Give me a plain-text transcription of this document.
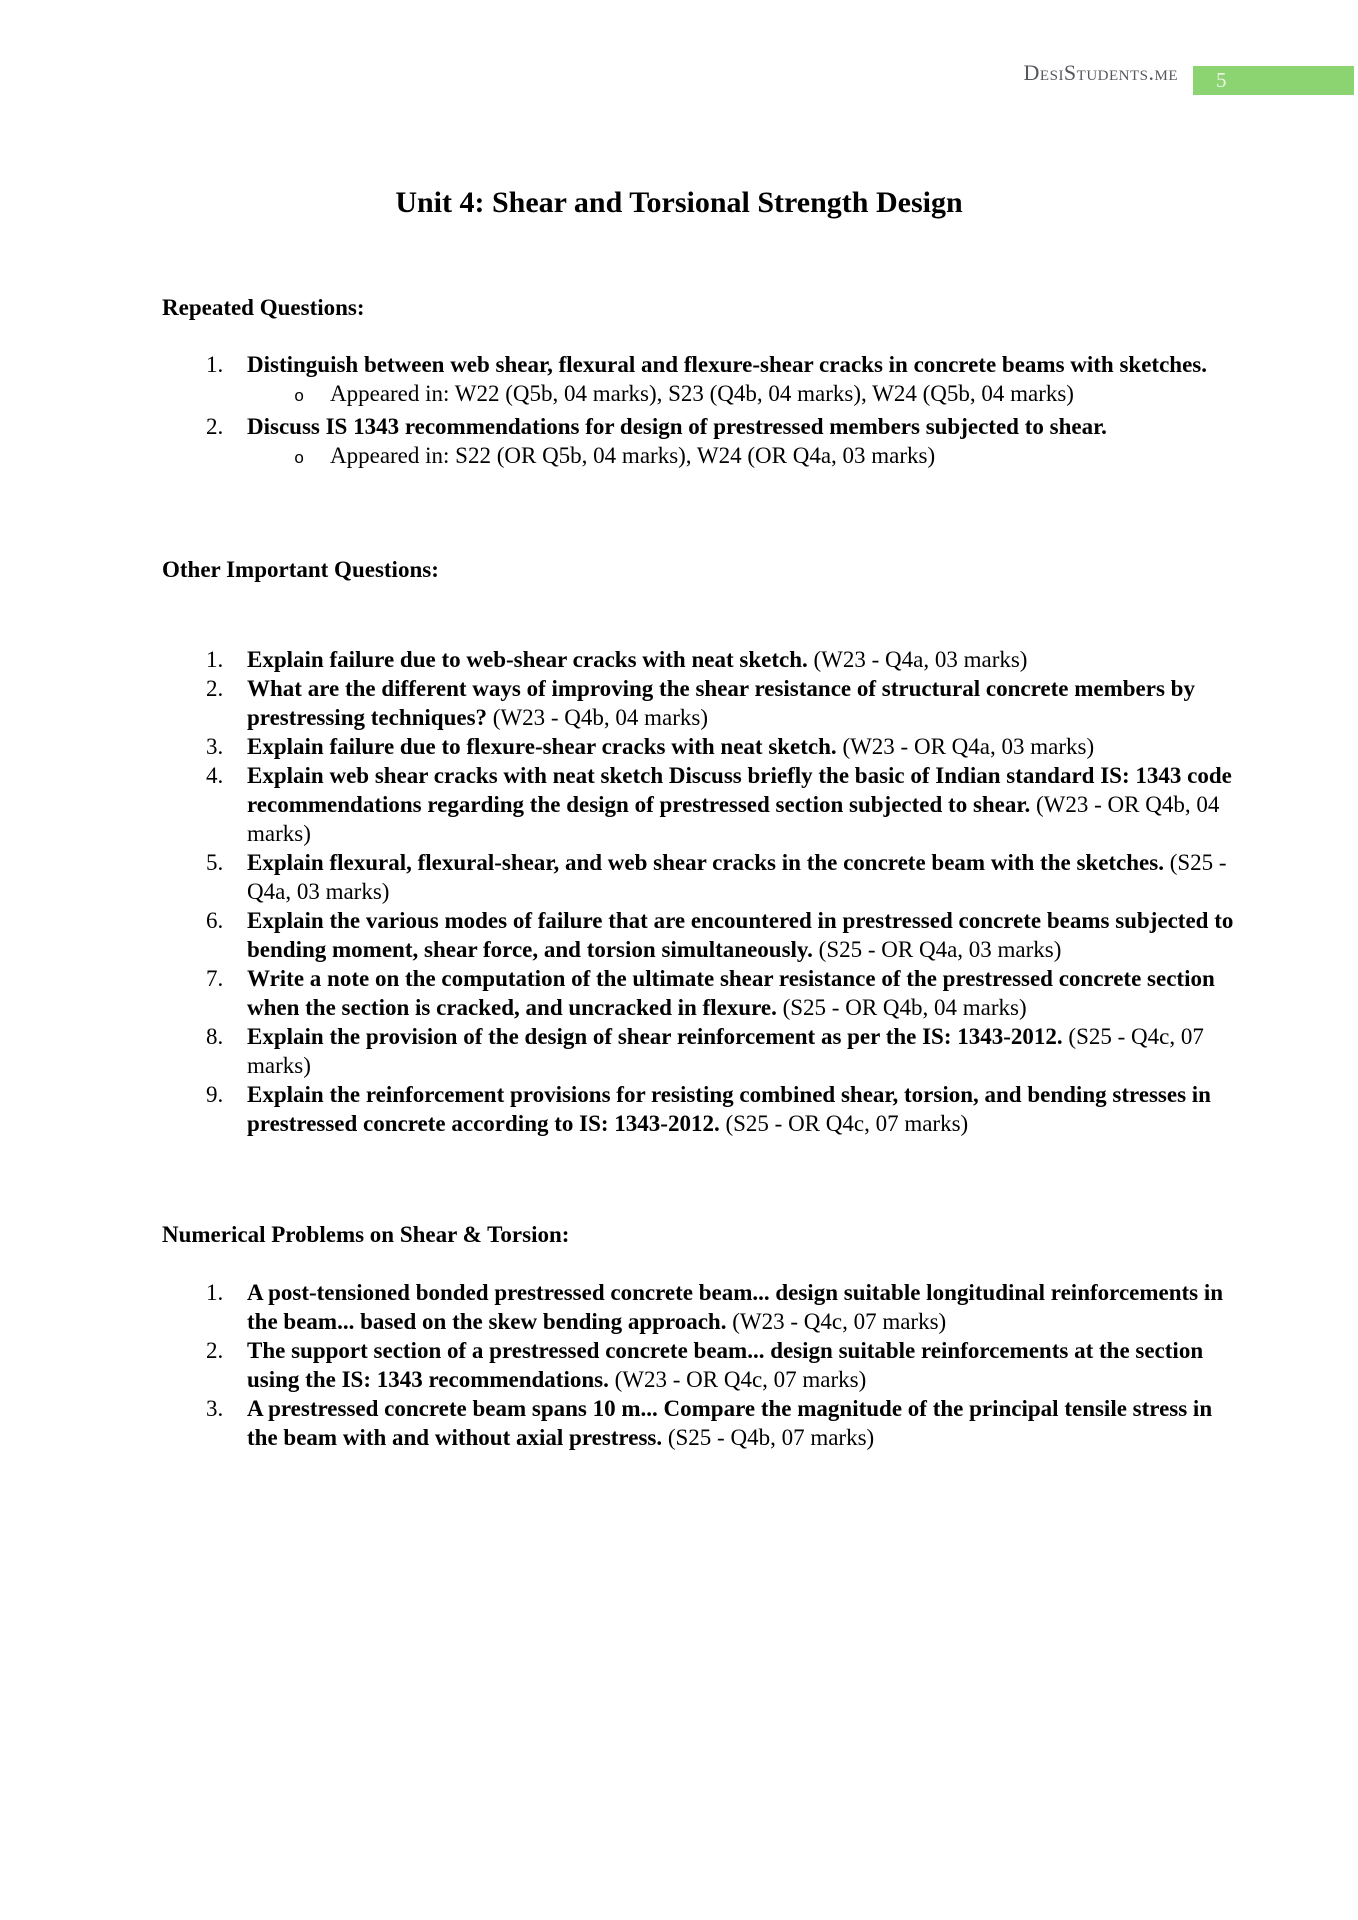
DesiStudents.me	5
Unit 4: Shear and Torsional Strength Design
Repeated Questions:
1.	Distinguish between web shear, flexural and flexure-shear cracks in concrete beams with sketches.
o	Appeared in: W22 (Q5b, 04 marks), S23 (Q4b, 04 marks), W24 (Q5b, 04 marks)
2.	Discuss IS 1343 recommendations for design of prestressed members subjected to shear.
o	Appeared in: S22 (OR Q5b, 04 marks), W24 (OR Q4a, 03 marks)
Other Important Questions:
1.	Explain failure due to web-shear cracks with neat sketch. (W23 - Q4a, 03 marks)
2.	What are the different ways of improving the shear resistance of structural concrete members by prestressing techniques? (W23 - Q4b, 04 marks)
3.	Explain failure due to flexure-shear cracks with neat sketch. (W23 - OR Q4a, 03 marks)
4.	Explain web shear cracks with neat sketch Discuss briefly the basic of Indian standard IS: 1343 code recommendations regarding the design of prestressed section subjected to shear. (W23 - OR Q4b, 04 marks)
5.	Explain flexural, flexural-shear, and web shear cracks in the concrete beam with the sketches. (S25 - Q4a, 03 marks)
6.	Explain the various modes of failure that are encountered in prestressed concrete beams subjected to bending moment, shear force, and torsion simultaneously. (S25 - OR Q4a, 03 marks)
7.	Write a note on the computation of the ultimate shear resistance of the prestressed concrete section when the section is cracked, and uncracked in flexure. (S25 - OR Q4b, 04 marks)
8.	Explain the provision of the design of shear reinforcement as per the IS: 1343-2012. (S25 - Q4c, 07 marks)
9.	Explain the reinforcement provisions for resisting combined shear, torsion, and bending stresses in prestressed concrete according to IS: 1343-2012. (S25 - OR Q4c, 07 marks)
Numerical Problems on Shear & Torsion:
1.	A post-tensioned bonded prestressed concrete beam... design suitable longitudinal reinforcements in the beam... based on the skew bending approach. (W23 - Q4c, 07 marks)
2.	The support section of a prestressed concrete beam... design suitable reinforcements at the section using the IS: 1343 recommendations. (W23 - OR Q4c, 07 marks)
3.	A prestressed concrete beam spans 10 m... Compare the magnitude of the principal tensile stress in the beam with and without axial prestress. (S25 - Q4b, 07 marks)
